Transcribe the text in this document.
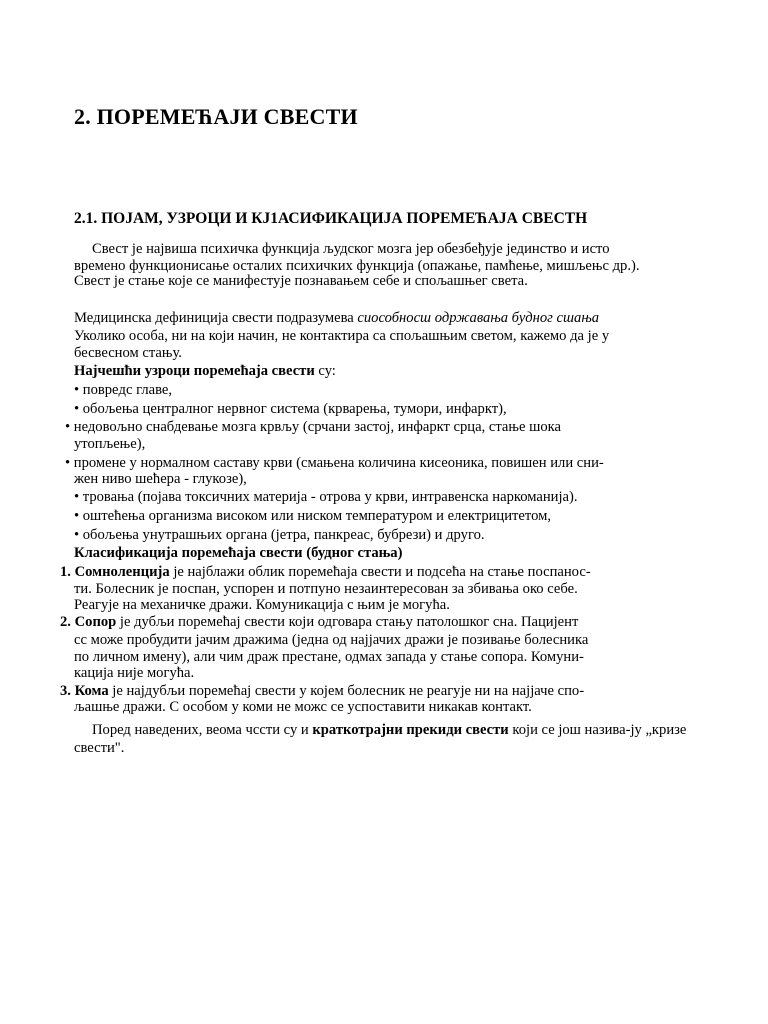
2. ПОРЕМЕЋАЈИ СВЕСТИ
2.1. ПОЈАМ, УЗРОЦИ И КЈ1АСИФИКАЦИЈА ПОРЕМЕЋАЈА СВЕСТН
Свест је највиша психичка функција људског мозга јер обезбеђује јединство и исто
временo функционисање осталих психичких функција (опажање, памћење, мишљењс др.).
Свест је стање које се манифестује познавањем себе и спољашњег света.
Медицинска дефиниција свести подразумева сиособносш одржавања будног сшања
Уколико особа, ни на који начин, не контактира са спољашњим светом, кажемо да је у
бесвесном стању.
Најчешћи узроци поремећаја свести су:
• поврeдс главе,
• обољења централног нервног система (крварења, тумори, инфаркт),
• недовољно снабдевање мозга крвљу (срчани застој, инфаркт срца, стање шока
утопљење),
• промене у нормалном саставу крви (смањена количина кисеоника, повишен или сни-
жен ниво шећера - глукозе),
• тровања (појава токсичних материја - отрова у крви, интравенска наркоманија).
• оштећења организма високом или ниском температуром и електрицитетом,
• обољења унутрашњих органа (јетра, панкреас, бубрези) и друго.
Класификација поремећаја свести (будног стања)
1. Сомноленција је најблажи облик поремећаја свести и подсећа на стање поспанос-
ти. Болесник је поспан, успорен и потпуно незаинтересован за збивања око себе.
Реагује на механичке дражи. Комуникација с њим је могућа.
2. Сопор је дубљи поремећај свести који одговара стању патолошког сна. Пацијент
сс може пробудити јачим дражима (једна од најјачих дражи је позивање болесника
по личном имену), али чим драж престане, одмах запада у стање сопора. Комуни-
кација није могућа.
3. Кома је најдубљи поремећај свести у којем болесник не реагује ни на најјаче спо-
љашње дражи. С особом у коми не можс се успоставити никакав контакт.
Поред наведених, веома чссти су и краткотрајни прекиди свести који се још назива-ју „кризе
свести".
